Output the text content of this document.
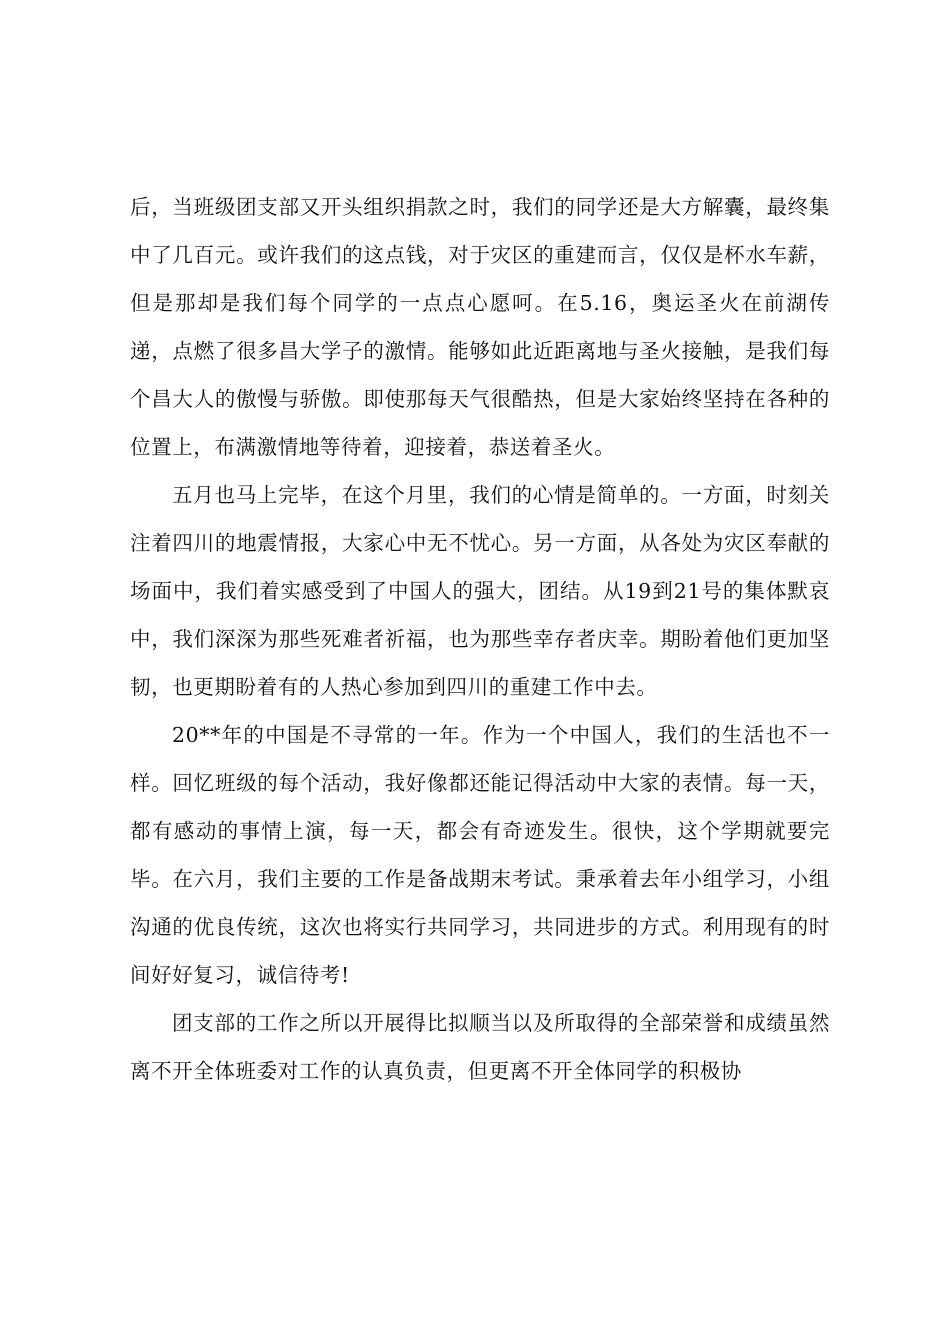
后，当班级团支部又开头组织捐款之时，我们的同学还是大方解囊，最终集中了几百元。或许我们的这点钱，对于灾区的重建而言，仅仅是杯水车薪，但是那却是我们每个同学的一点点心愿呵。在5.16，奥运圣火在前湖传递，点燃了很多昌大学子的激情。能够如此近距离地与圣火接触，是我们每个昌大人的傲慢与骄傲。即使那每天气很酷热，但是大家始终坚持在各种的位置上，布满激情地等待着，迎接着，恭送着圣火。

五月也马上完毕，在这个月里，我们的心情是简单的。一方面，时刻关注着四川的地震情报，大家心中无不忧心。另一方面，从各处为灾区奉献的场面中，我们着实感受到了中国人的强大，团结。从19到21号的集体默哀中，我们深深为那些死难者祈福，也为那些幸存者庆幸。期盼着他们更加坚韧，也更期盼着有的人热心参加到四川的重建工作中去。

20**年的中国是不寻常的一年。作为一个中国人，我们的生活也不一样。回忆班级的每个活动，我好像都还能记得活动中大家的表情。每一天，都有感动的事情上演，每一天，都会有奇迹发生。很快，这个学期就要完毕。在六月，我们主要的工作是备战期末考试。秉承着去年小组学习，小组沟通的优良传统，这次也将实行共同学习，共同进步的方式。利用现有的时间好好复习，诚信待考!

团支部的工作之所以开展得比拟顺当以及所取得的全部荣誉和成绩虽然离不开全体班委对工作的认真负责，但更离不开全体同学的积极协
